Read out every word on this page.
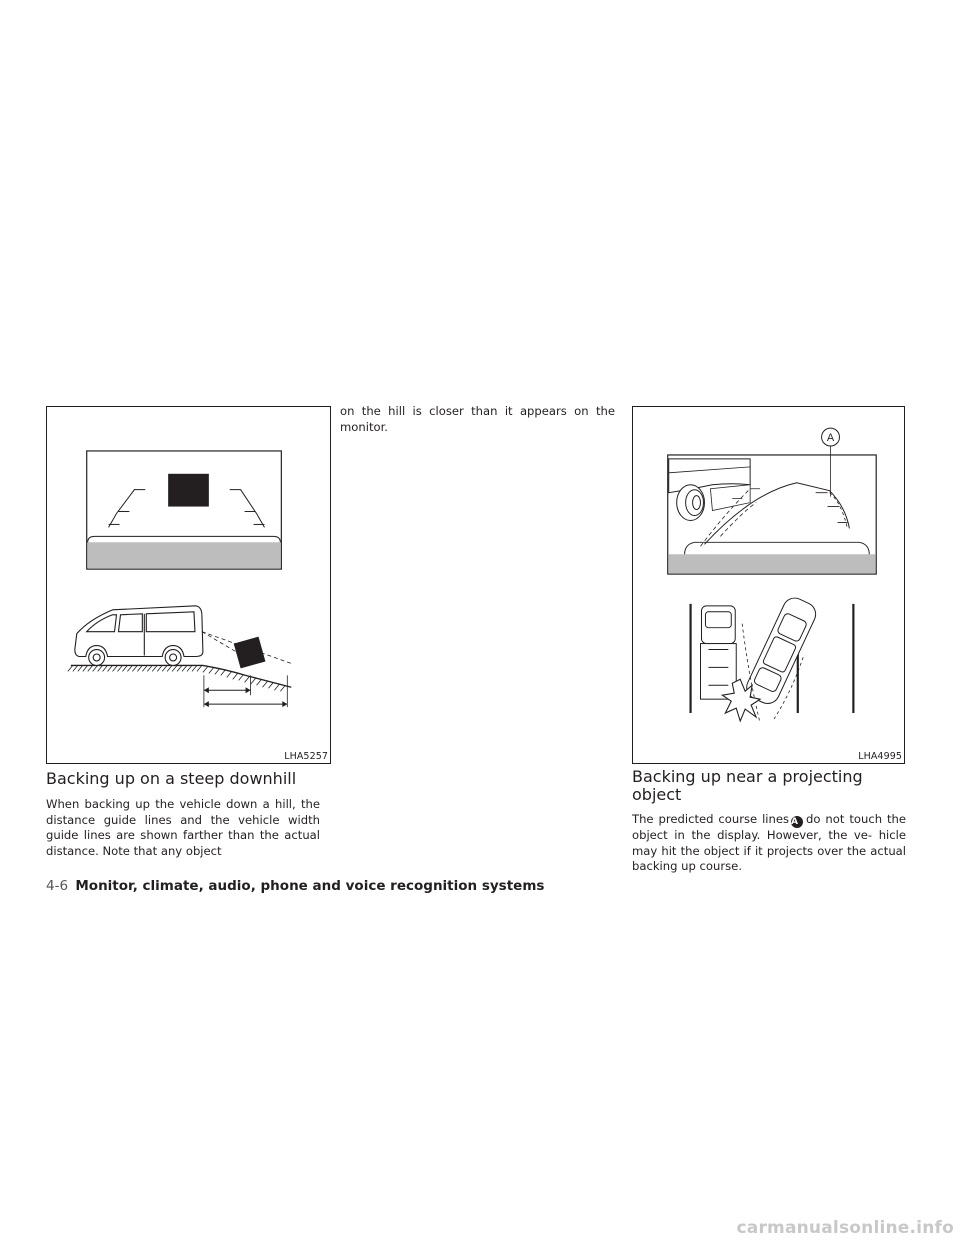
LHA5257
Backing up on a steep downhill

When backing up the vehicle down a hill, the distance guide lines and the vehicle width guide lines are shown farther than the actual distance. Note that any object

on the hill is closer than it appears on the monitor.

A
LHA4995
Backing up near a projecting object

The predicted course lines A do not touch the object in the display. However, the ve- hicle may hit the object if it projects over the actual backing up course.

4-6 Monitor, climate, audio, phone and voice recognition systems
carmanualsonline.info
